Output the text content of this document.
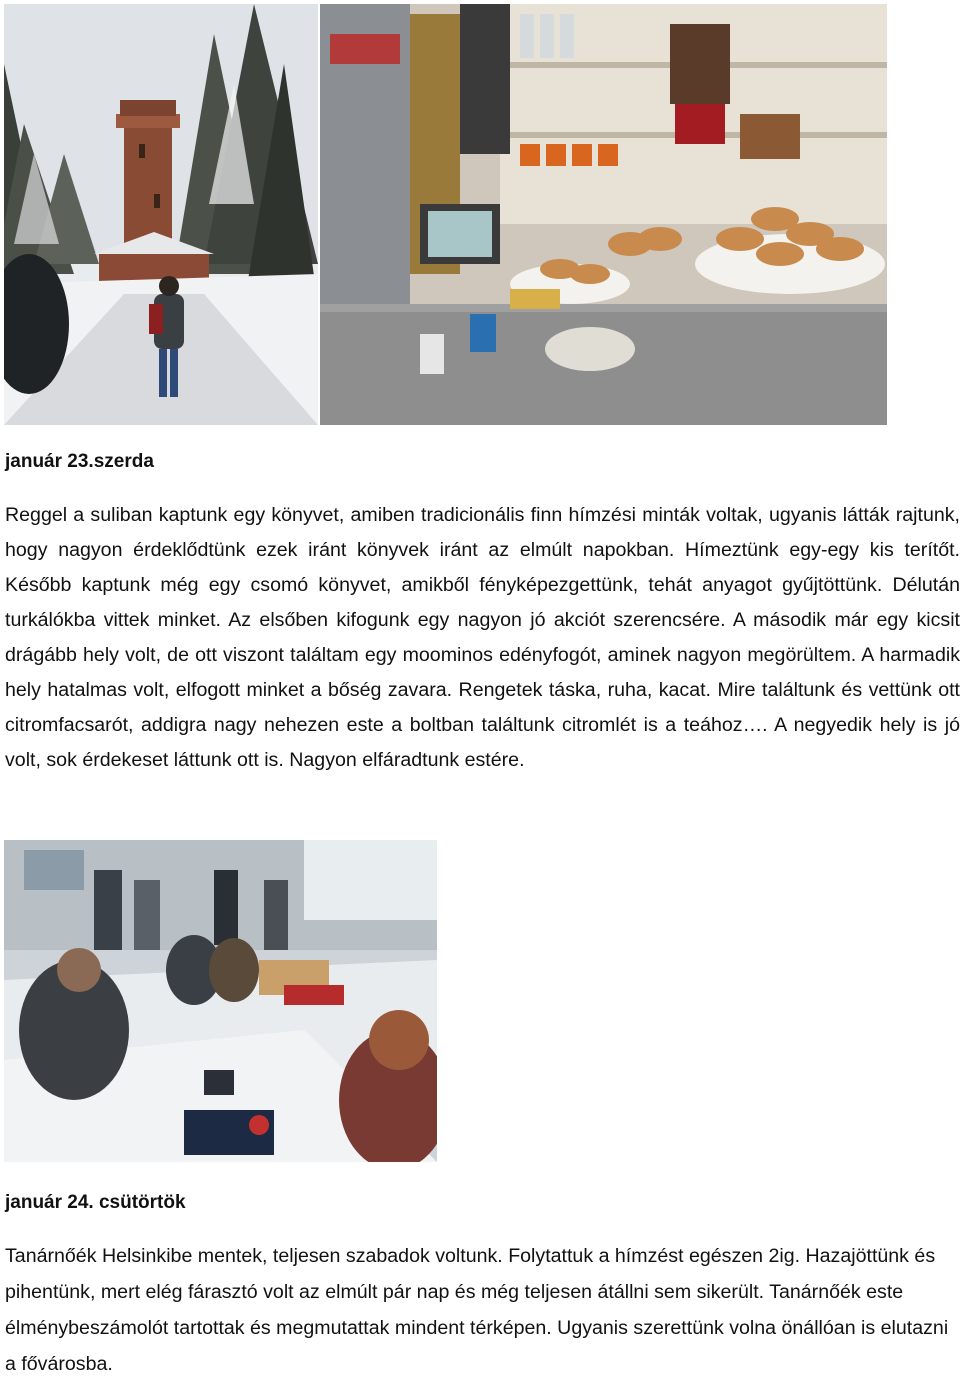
január 23.szerda

Reggel a suliban kaptunk egy könyvet, amiben tradicionális finn hímzési minták voltak, ugyanis látták rajtunk, hogy nagyon érdeklődtünk ezek iránt könyvek iránt az elmúlt napokban. Hímeztünk egy-egy kis terítőt. Később kaptunk még egy csomó könyvet, amikből fényképezgettünk, tehát anyagot gyűjtöttünk. Délután turkálókba vittek minket. Az elsőben kifogunk egy nagyon jó akciót szerencsére. A második már egy kicsit drágább hely volt, de ott viszont találtam egy moominos edényfogót, aminek nagyon megörültem. A harmadik hely hatalmas volt, elfogott minket a bőség zavara. Rengetek táska, ruha, kacat. Mire találtunk és vettünk ott citromfacsarót, addigra nagy nehezen este a boltban találtunk citromlét is a teához…. A negyedik hely is jó volt, sok érdekeset láttunk ott is. Nagyon elfáradtunk estére.

január 24. csütörtök

Tanárnőék Helsinkibe mentek, teljesen szabadok voltunk. Folytattuk a hímzést egészen 2ig. Hazajöttünk és pihentünk, mert elég fárasztó volt az elmúlt pár nap és még teljesen átállni sem sikerült. Tanárnőék este élménybeszámolót tartottak és megmutattak mindent térképen. Ugyanis szerettünk volna önállóan is elutazni a fővárosba.
